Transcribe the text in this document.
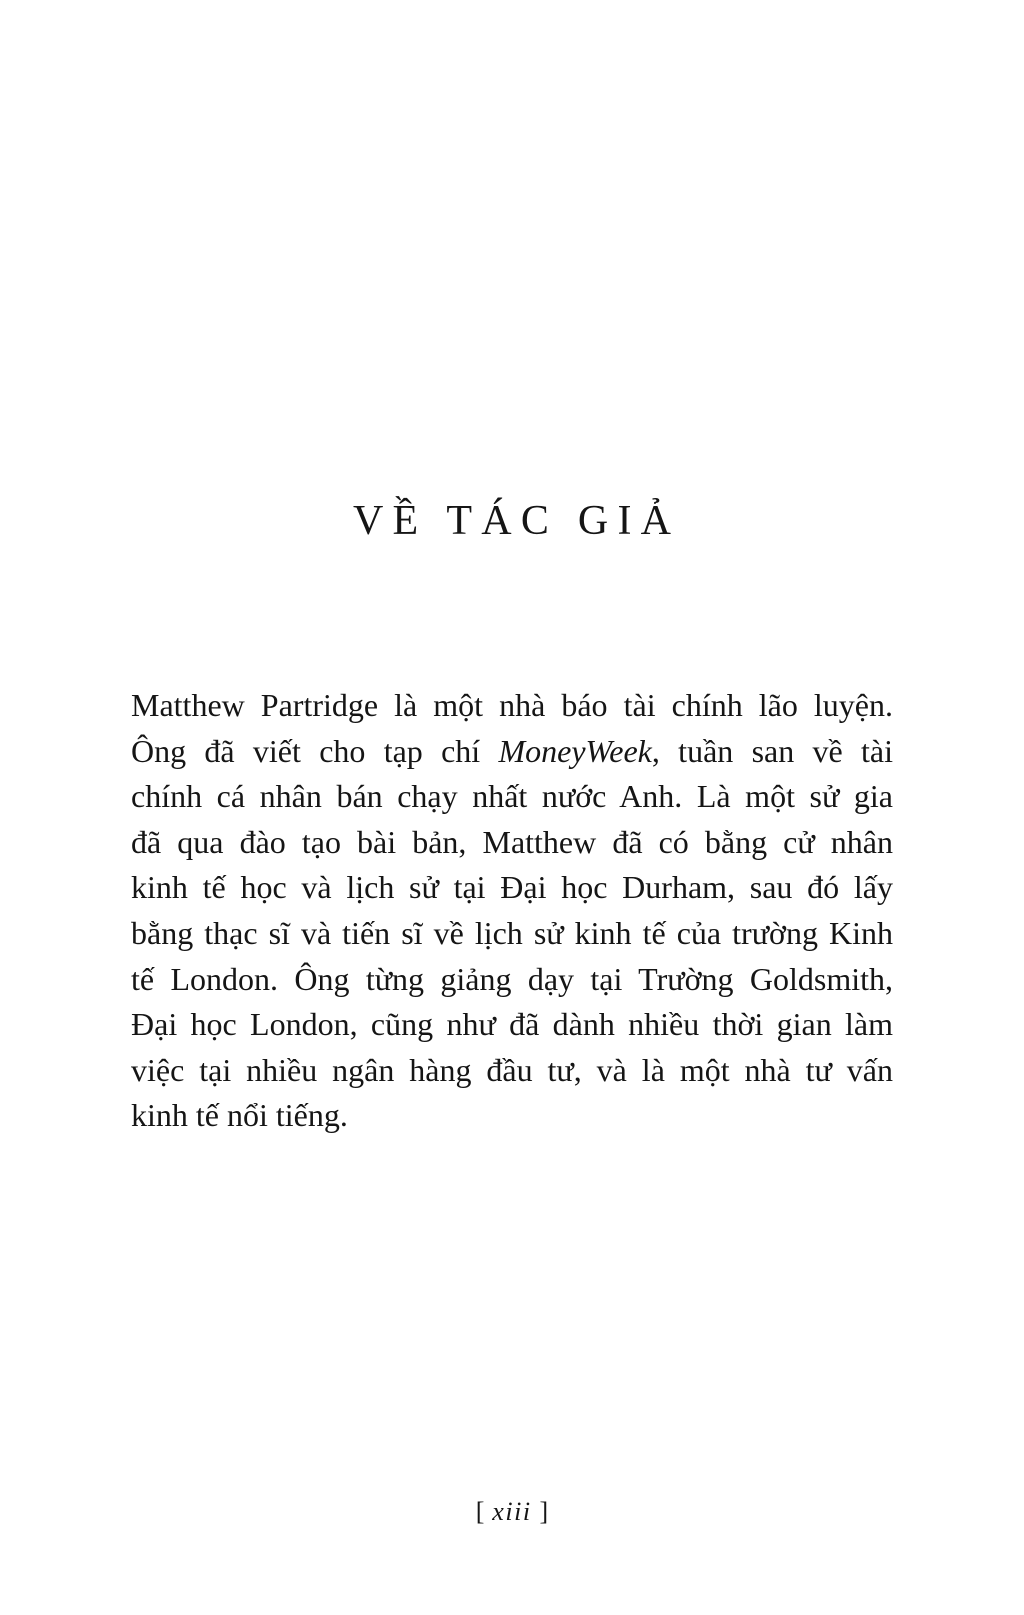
VỀ TÁC GIẢ
Matthew Partridge là một nhà báo tài chính lão luyện.
Ông đã viết cho tạp chí MoneyWeek, tuần san về tài
chính cá nhân bán chạy nhất nước Anh. Là một sử gia
đã qua đào tạo bài bản, Matthew đã có bằng cử nhân
kinh tế học và lịch sử tại Đại học Durham, sau đó lấy
bằng thạc sĩ và tiến sĩ về lịch sử kinh tế của trường Kinh
tế London. Ông từng giảng dạy tại Trường Goldsmith,
Đại học London, cũng như đã dành nhiều thời gian làm
việc tại nhiều ngân hàng đầu tư, và là một nhà tư vấn
kinh tế nổi tiếng.
[ xiii ]
